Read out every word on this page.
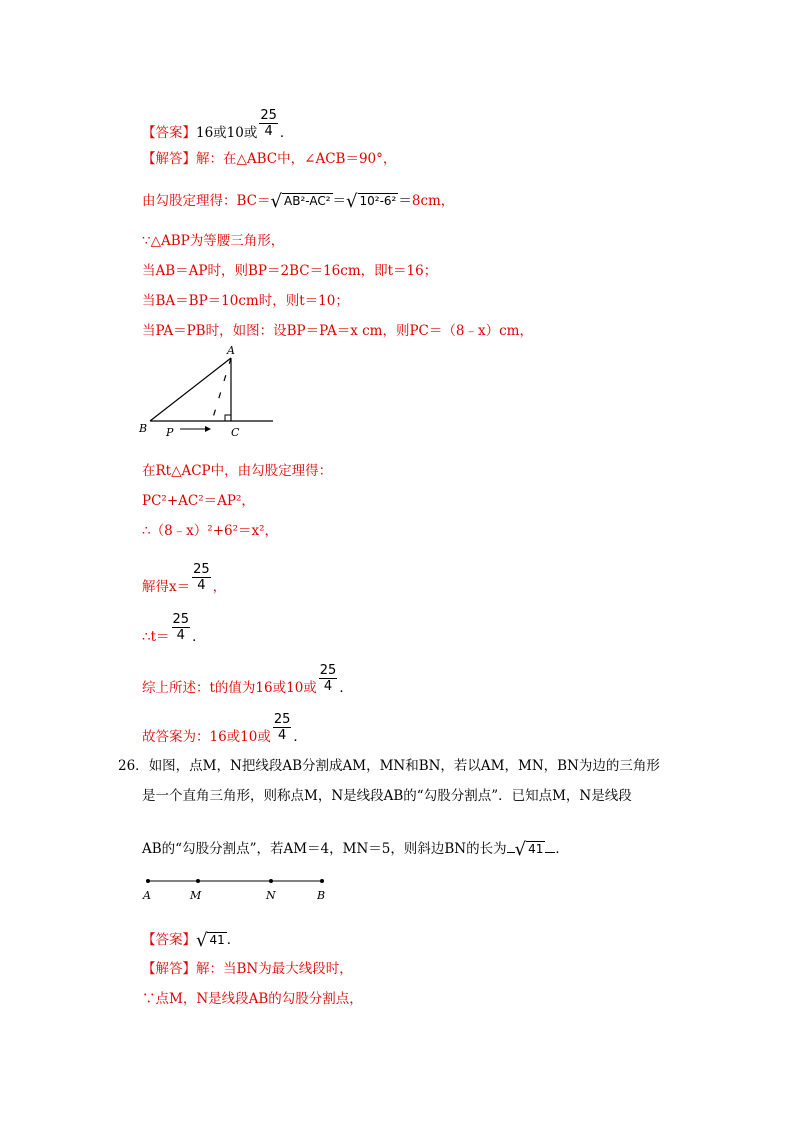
【答案】16或10或 $\frac{25}{4}$ ．
【解答】解：在△ABC中，∠ACB＝90°，
由勾股定理得：BC＝√ AB²-AC² ＝√ 10²-6² ＝8cm，
∵△ABP为等腰三角形，
当AB＝AP时，则BP＝2BC＝16cm，即t＝16；
当BA＝BP＝10cm时，则t＝10；
当PA＝PB时，如图：设BP＝PA＝x cm，则PC＝（8﹣x）cm，
A
B	C
P
在Rt△ACP中，由勾股定理得：
PC²+AC²＝AP²，
∴（8﹣x）²+6²＝x²，
解得$x= \frac{25}{4}$ ，
∴t＝ $\frac{25}{4}$ ．
综上所述：t的值为16或10或 $\frac{25}{4}$ ．
故答案为：16或10或 $\frac{25}{4}$ ．
26．如图，点M，N把线段AB分割成AM，MN和BN，若以AM，MN，BN为边的三角形
是一个直角三角形，则称点M，N是线段AB的“勾股分割点”．已知点M，N是线段
AB的“勾股分割点”，若AM＝4，MN＝5，则斜边BN的长为 √ 41 ．
A	M	N	B
【答案】√ 41 ．
【解答】解：当BN为最大线段时，
∵点M，N是线段AB的勾股分割点，
